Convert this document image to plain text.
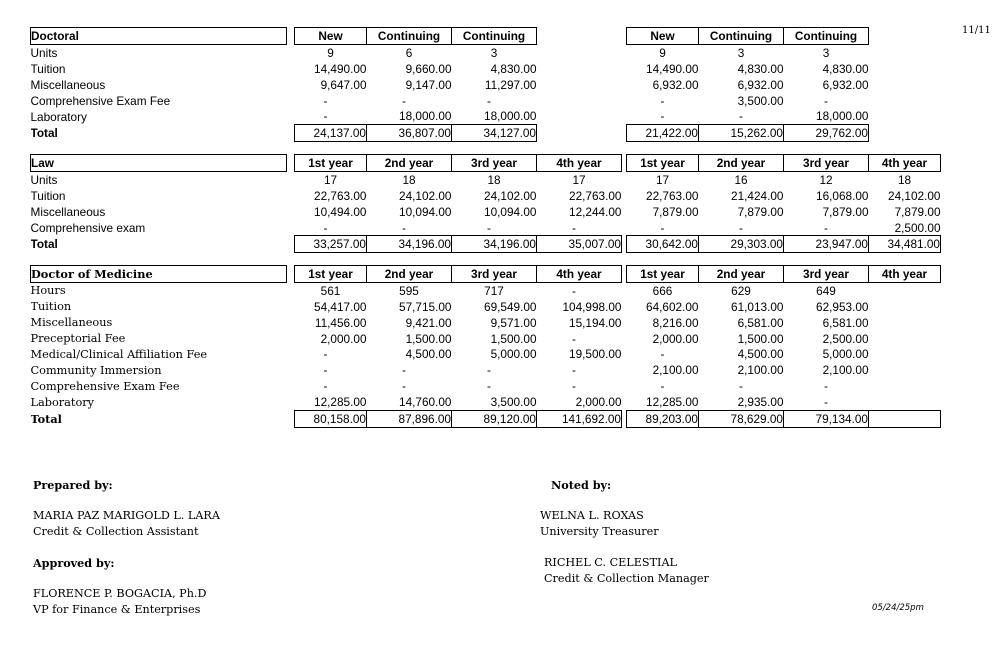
11/11
Doctoral		New	Continuing	Continuing			New	Continuing	Continuing	
Units		9	6	3			9	3	3	
Tuition		14,490.00	9,660.00	4,830.00			14,490.00	4,830.00	4,830.00	
Miscellaneous		9,647.00	9,147.00	11,297.00			6,932.00	6,932.00	6,932.00	
Comprehensive Exam Fee		-	-	-			-	3,500.00	-	
Laboratory		-	18,000.00	18,000.00			-	-	18,000.00	
Total		24,137.00	36,807.00	34,127.00			21,422.00	15,262.00	29,762.00	
Law		1st year	2nd year	3rd year	4th year		1st year	2nd year	3rd year	4th year
Units		17	18	18	17		17	16	12	18
Tuition		22,763.00	24,102.00	24,102.00	22,763.00		22,763.00	21,424.00	16,068.00	24,102.00
Miscellaneous		10,494.00	10,094.00	10,094.00	12,244.00		7,879.00	7,879.00	7,879.00	7,879.00
Comprehensive exam		-	-	-	-		-	-	-	2,500.00
Total		33,257.00	34,196.00	34,196.00	35,007.00		30,642.00	29,303.00	23,947.00	34,481.00
Doctor of Medicine		1st year	2nd year	3rd year	4th year		1st year	2nd year	3rd year	4th year
Hours		561	595	717	-		666	629	649	
Tuition		54,417.00	57,715.00	69,549.00	104,998.00		64,602.00	61,013.00	62,953.00	
Miscellaneous		11,456.00	9,421.00	9,571.00	15,194.00		8,216.00	6,581.00	6,581.00	
Preceptorial Fee		2,000.00	1,500.00	1,500.00	-		2,000.00	1,500.00	2,500.00	
Medical/Clinical Affiliation Fee		-	4,500.00	5,000.00	19,500.00		-	4,500.00	5,000.00	
Community Immersion		-	-	-	-		2,100.00	2,100.00	2,100.00	
Comprehensive Exam Fee		-	-	-	-		-	-	-	
Laboratory		12,285.00	14,760.00	3,500.00	2,000.00		12,285.00	2,935.00	-	
Total		80,158.00	87,896.00	89,120.00	141,692.00		89,203.00	78,629.00	79,134.00	
Prepared by:
MARIA PAZ MARIGOLD L. LARA
Credit & Collection Assistant
Approved by:
FLORENCE P. BOGACIA, Ph.D
VP for Finance & Enterprises
Noted by:
WELNA L. ROXAS
University Treasurer
RICHEL C. CELESTIAL
Credit & Collection Manager
05/24/25pm
